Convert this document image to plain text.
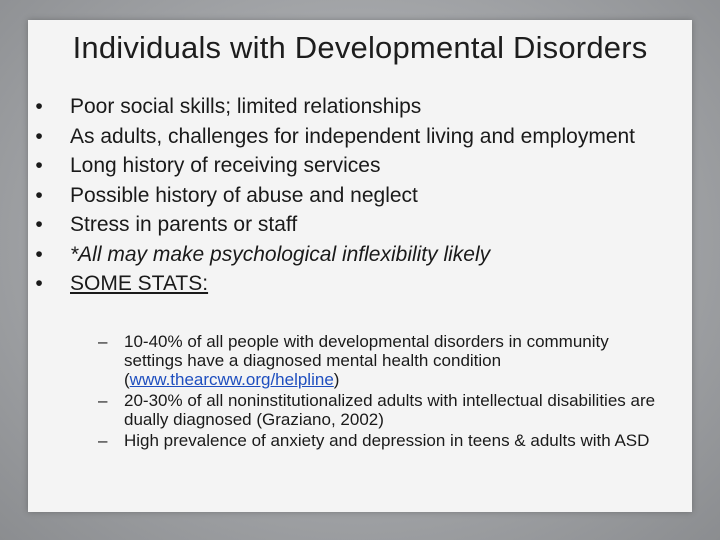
Individuals with Developmental Disorders
•	Poor social skills; limited relationships
•	As adults, challenges for independent living and employment
•	Long history of receiving services
•	Possible history of abuse and neglect
•	Stress in parents or staff
•	*All may make psychological inflexibility likely
•	SOME STATS:
– 10-40% of all people with developmental disorders in community settings have a diagnosed mental health condition (www.thearcww.org/helpline)
– 20-30% of all noninstitutionalized adults with intellectual disabilities are dually diagnosed (Graziano, 2002)
– High prevalence of anxiety and depression in teens & adults with ASD
